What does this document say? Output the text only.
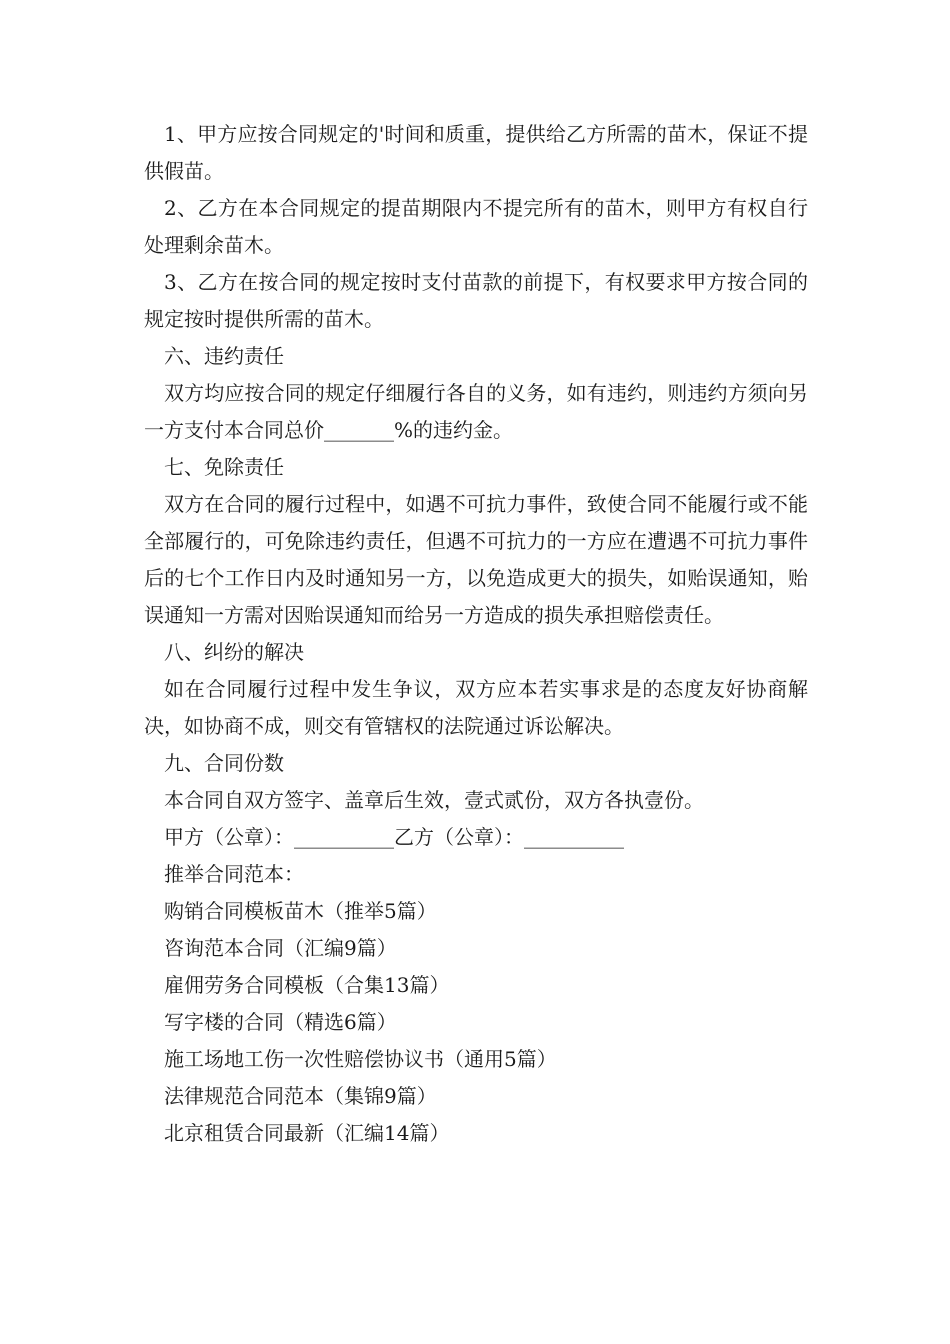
1、甲方应按合同规定的'时间和质重，提供给乙方所需的苗木，保证不提供假苗。

2、乙方在本合同规定的提苗期限内不提完所有的苗木，则甲方有权自行处理剩余苗木。

3、乙方在按合同的规定按时支付苗款的前提下，有权要求甲方按合同的规定按时提供所需的苗木。

六、违约责任

双方均应按合同的规定仔细履行各自的义务，如有违约，则违约方须向另一方支付本合同总价_______%的违约金。

七、免除责任

双方在合同的履行过程中，如遇不可抗力事件，致使合同不能履行或不能全部履行的，可免除违约责任，但遇不可抗力的一方应在遭遇不可抗力事件后的七个工作日内及时通知另一方，以免造成更大的损失，如贻误通知，贻误通知一方需对因贻误通知而给另一方造成的损失承担赔偿责任。

八、纠纷的解决

如在合同履行过程中发生争议，双方应本若实事求是的态度友好协商解决，如协商不成，则交有管辖权的法院通过诉讼解决。

九、合同份数

本合同自双方签字、盖章后生效，壹式贰份，双方各执壹份。

甲方（公章）：__________乙方（公章）：__________

推举合同范本：

购销合同模板苗木（推举5篇）

咨询范本合同（汇编9篇）

雇佣劳务合同模板（合集13篇）

写字楼的合同（精选6篇）

施工场地工伤一次性赔偿协议书（通用5篇）

法律规范合同范本（集锦9篇）

北京租赁合同最新（汇编14篇）
